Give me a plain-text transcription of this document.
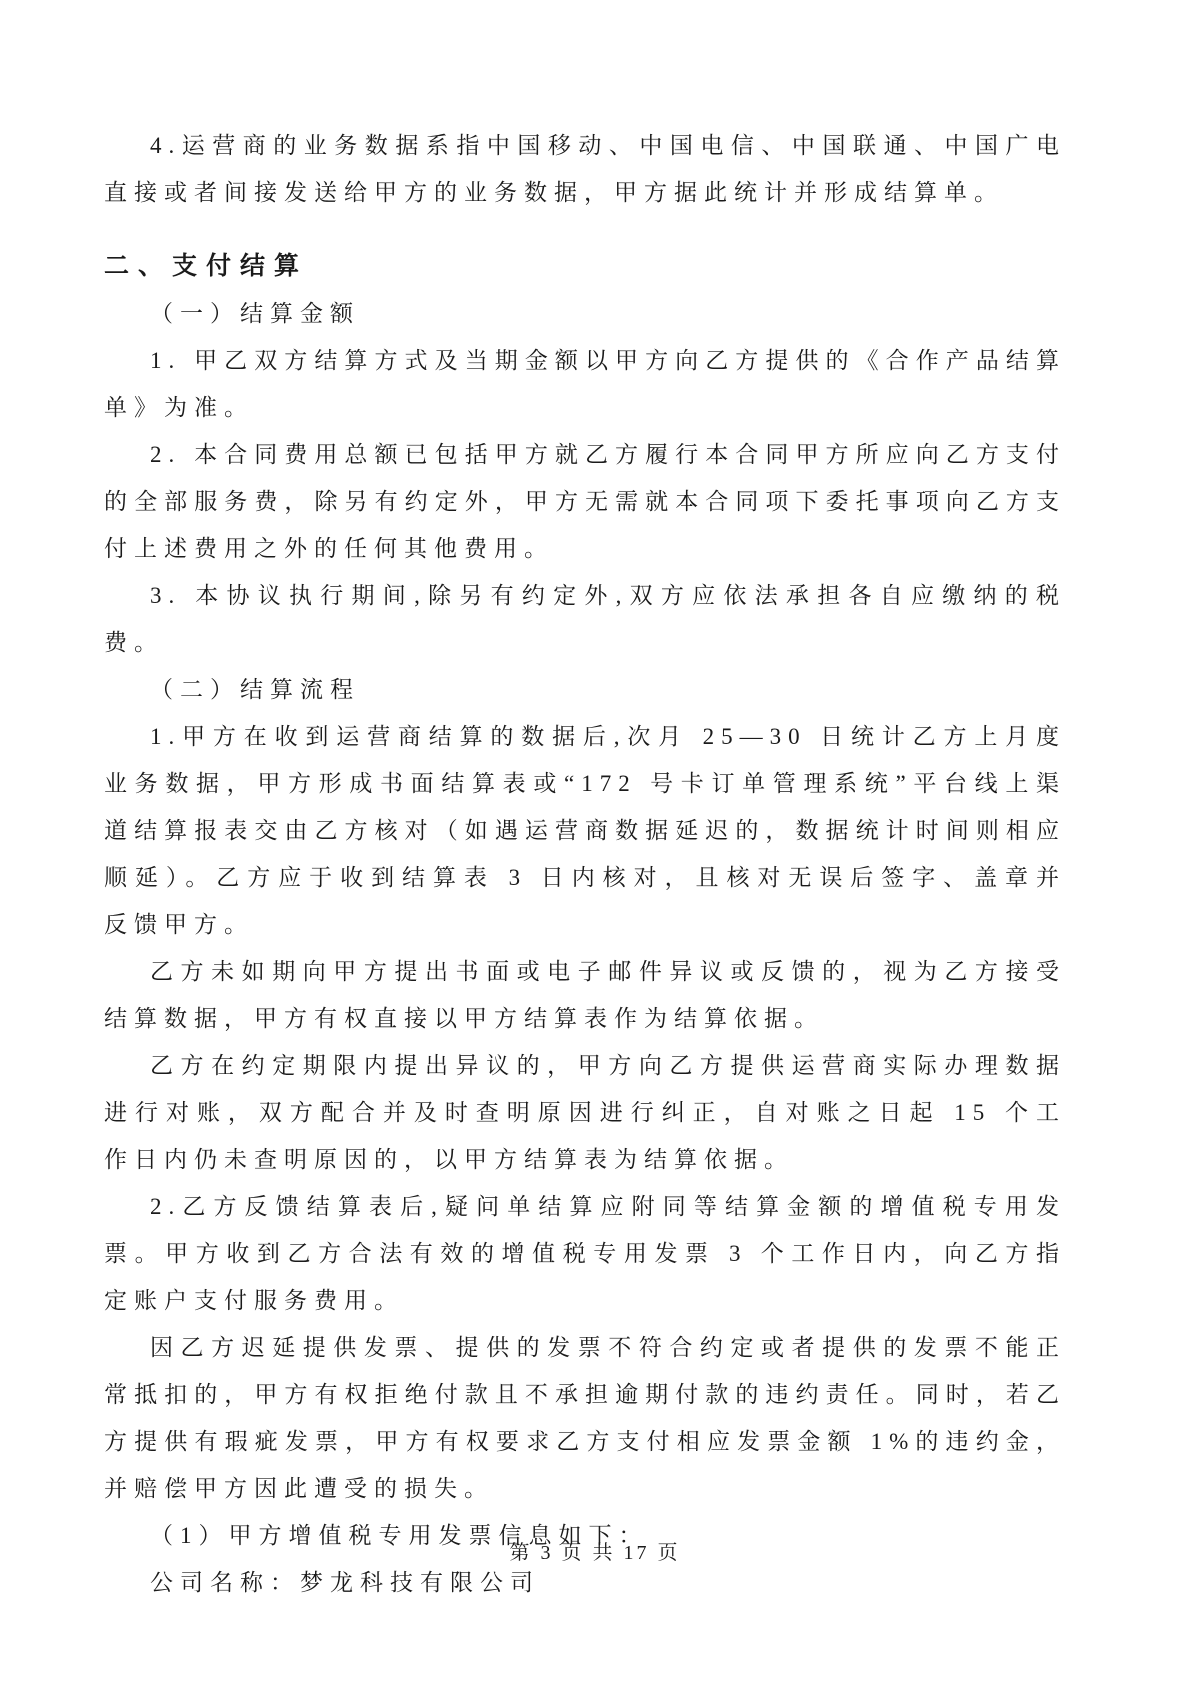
4.运营商的业务数据系指中国移动、中国电信、中国联通、中国广电直接或者间接发送给甲方的业务数据，甲方据此统计并形成结算单。

二、支付结算

（一）结算金额

1. 甲乙双方结算方式及当期金额以甲方向乙方提供的《合作产品结算单》为准。

2. 本合同费用总额已包括甲方就乙方履行本合同甲方所应向乙方支付的全部服务费，除另有约定外，甲方无需就本合同项下委托事项向乙方支付上述费用之外的任何其他费用。

3. 本协议执行期间,除另有约定外,双方应依法承担各自应缴纳的税费。

（二）结算流程

1.甲方在收到运营商结算的数据后,次月 25—30 日统计乙方上月度业务数据，甲方形成书面结算表或“172 号卡订单管理系统”平台线上渠道结算报表交由乙方核对（如遇运营商数据延迟的，数据统计时间则相应顺延）。乙方应于收到结算表 3 日内核对，且核对无误后签字、盖章并反馈甲方。

乙方未如期向甲方提出书面或电子邮件异议或反馈的，视为乙方接受结算数据，甲方有权直接以甲方结算表作为结算依据。

乙方在约定期限内提出异议的，甲方向乙方提供运营商实际办理数据进行对账，双方配合并及时查明原因进行纠正，自对账之日起 15 个工作日内仍未查明原因的，以甲方结算表为结算依据。

2.乙方反馈结算表后,疑问单结算应附同等结算金额的增值税专用发票。甲方收到乙方合法有效的增值税专用发票 3 个工作日内，向乙方指定账户支付服务费用。

因乙方迟延提供发票、提供的发票不符合约定或者提供的发票不能正常抵扣的，甲方有权拒绝付款且不承担逾期付款的违约责任。同时，若乙方提供有瑕疵发票，甲方有权要求乙方支付相应发票金额 1%的违约金，并赔偿甲方因此遭受的损失。

（1）甲方增值税专用发票信息如下：

公司名称：梦龙科技有限公司

第 3 页 共 17 页
